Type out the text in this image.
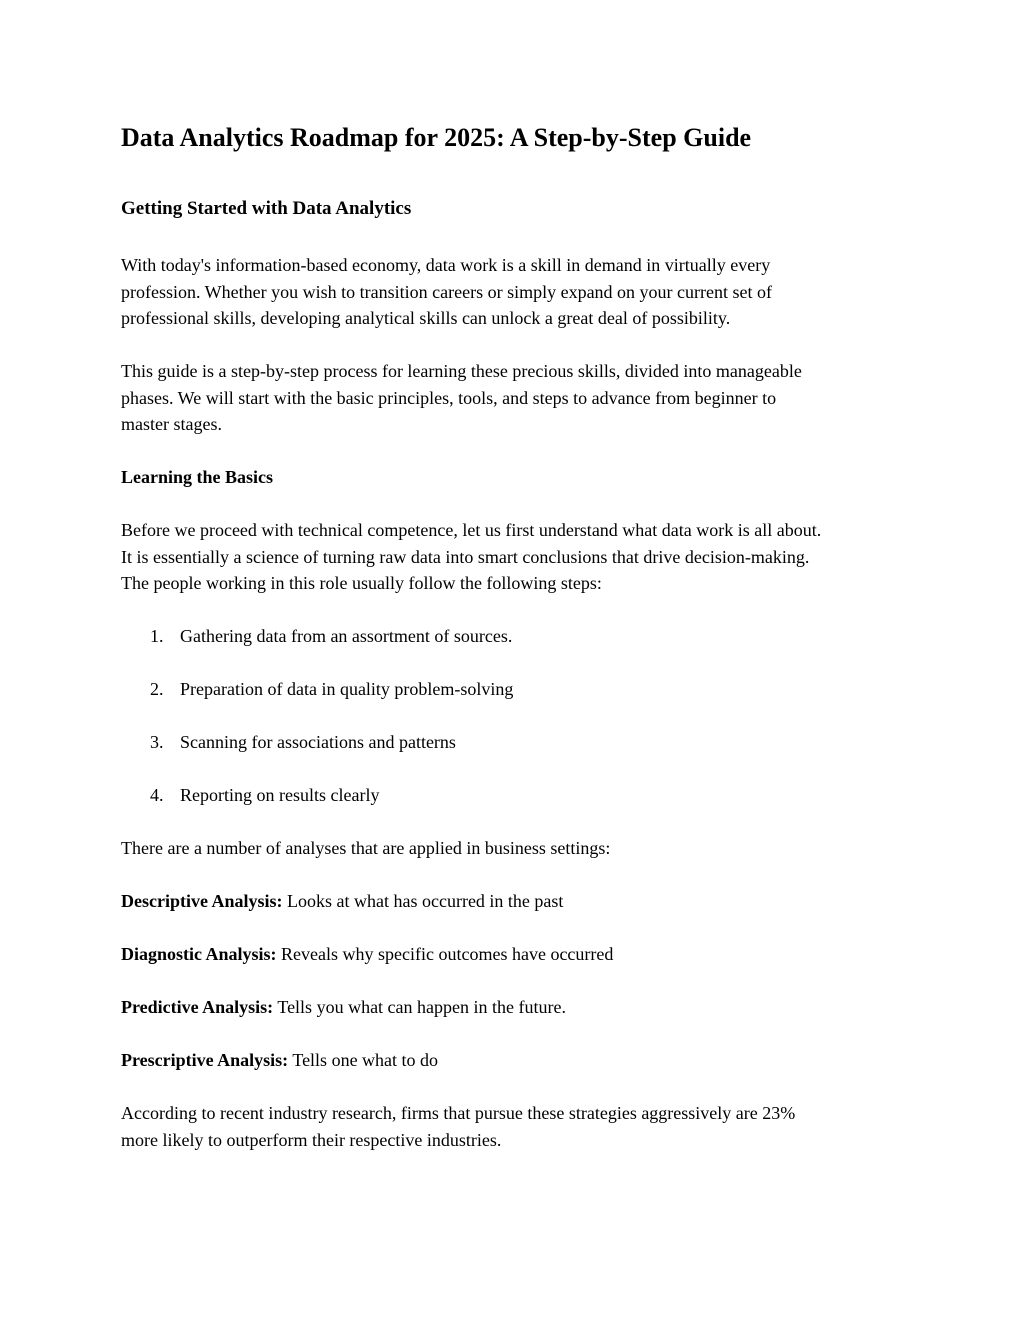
Data Analytics Roadmap for 2025: A Step-by-Step Guide
Getting Started with Data Analytics

With today's information-based economy, data work is a skill in demand in virtually every
profession. Whether you wish to transition careers or simply expand on your current set of
professional skills, developing analytical skills can unlock a great deal of possibility.

This guide is a step-by-step process for learning these precious skills, divided into manageable
phases. We will start with the basic principles, tools, and steps to advance from beginner to
master stages.

Learning the Basics

Before we proceed with technical competence, let us first understand what data work is all about.
It is essentially a science of turning raw data into smart conclusions that drive decision-making.
The people working in this role usually follow the following steps:

1. Gathering data from an assortment of sources.
2. Preparation of data in quality problem-solving
3. Scanning for associations and patterns
4. Reporting on results clearly

There are a number of analyses that are applied in business settings:

Descriptive Analysis: Looks at what has occurred in the past
Diagnostic Analysis: Reveals why specific outcomes have occurred
Predictive Analysis: Tells you what can happen in the future.
Prescriptive Analysis: Tells one what to do

According to recent industry research, firms that pursue these strategies aggressively are 23%
more likely to outperform their respective industries.
